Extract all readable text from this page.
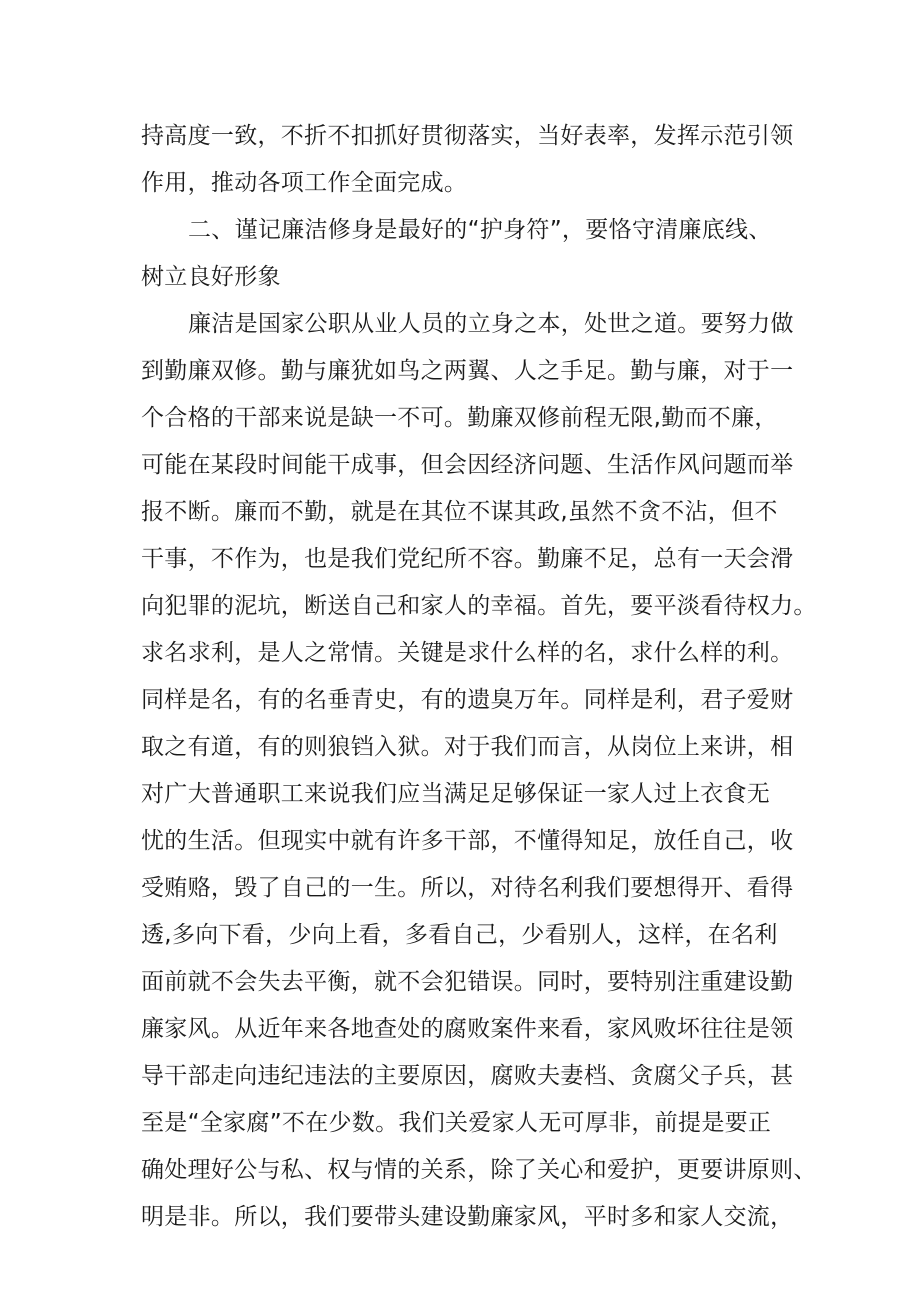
持高度一致，不折不扣抓好贯彻落实，当好表率，发挥示范引领
作用，推动各项工作全面完成。
二、谨记廉洁修身是最好的“护身符”，要恪守清廉底线、
树立良好形象
廉洁是国家公职从业人员的立身之本，处世之道。要努力做
到勤廉双修。勤与廉犹如鸟之两翼、人之手足。勤与廉，对于一
个合格的干部来说是缺一不可。勤廉双修前程无限,勤而不廉，
可能在某段时间能干成事，但会因经济问题、生活作风问题而举
报不断。廉而不勤，就是在其位不谋其政,虽然不贪不沾，但不
干事，不作为，也是我们党纪所不容。勤廉不足，总有一天会滑
向犯罪的泥坑，断送自己和家人的幸福。首先，要平淡看待权力。
求名求利，是人之常情。关键是求什么样的名，求什么样的利。
同样是名，有的名垂青史，有的遗臭万年。同样是利，君子爱财
取之有道，有的则狼铛入狱。对于我们而言，从岗位上来讲，相
对广大普通职工来说我们应当满足足够保证一家人过上衣食无
忧的生活。但现实中就有许多干部，不懂得知足，放任自己，收
受贿赂，毁了自己的一生。所以，对待名利我们要想得开、看得
透,多向下看，少向上看，多看自己，少看别人，这样，在名利
面前就不会失去平衡，就不会犯错误。同时，要特别注重建设勤
廉家风。从近年来各地查处的腐败案件来看，家风败坏往往是领
导干部走向违纪违法的主要原因，腐败夫妻档、贪腐父子兵，甚
至是“全家腐”不在少数。我们关爱家人无可厚非，前提是要正
确处理好公与私、权与情的关系，除了关心和爱护，更要讲原则、
明是非。所以，我们要带头建设勤廉家风，平时多和家人交流，
